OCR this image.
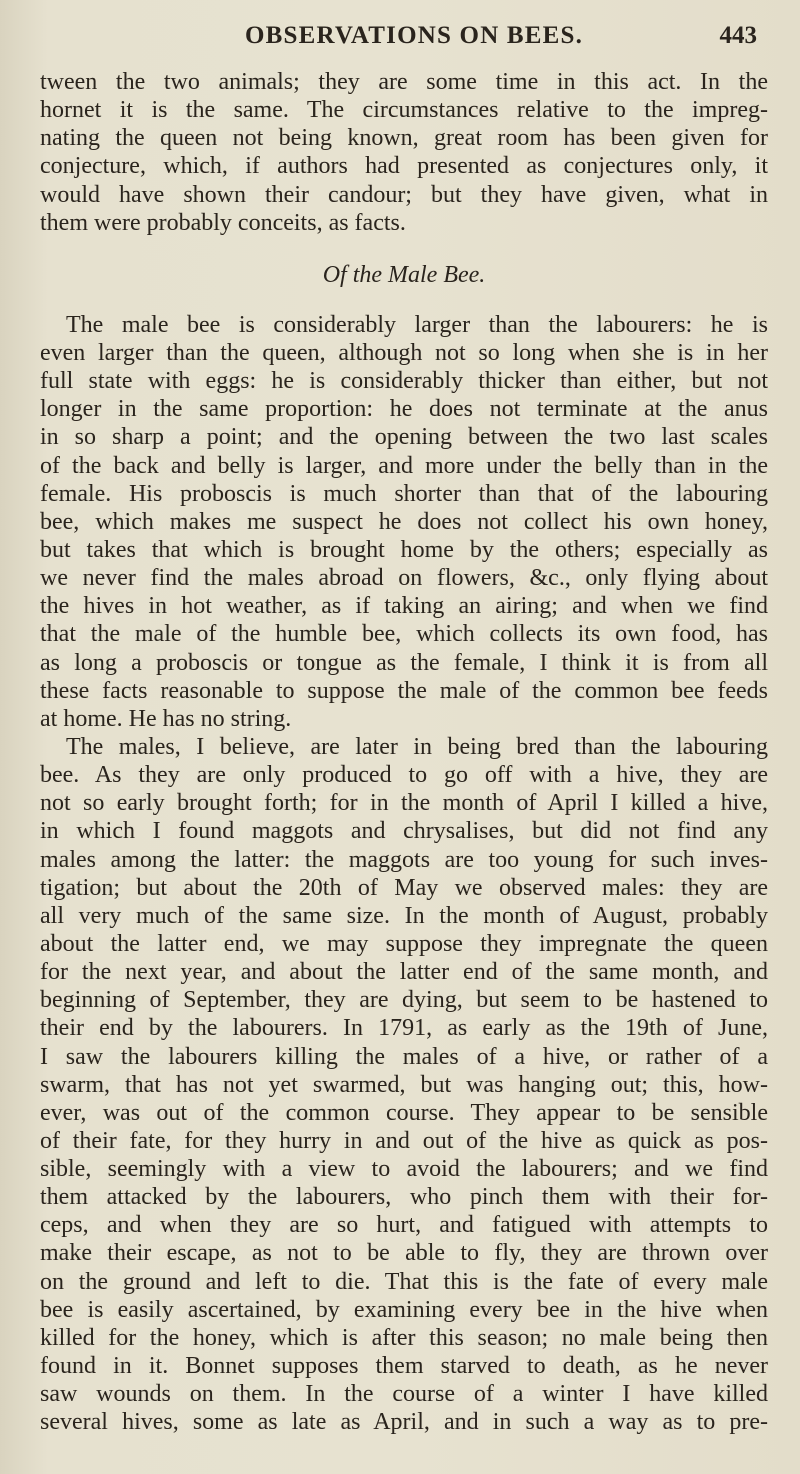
OBSERVATIONS ON BEES.	443
tween the two animals; they are some time in this act. In the
hornet it is the same. The circumstances relative to the impreg-
nating the queen not being known, great room has been given for
conjecture, which, if authors had presented as conjectures only, it
would have shown their candour; but they have given, what in
them were probably conceits, as facts.
Of the Male Bee.
The male bee is considerably larger than the labourers: he is
even larger than the queen, although not so long when she is in her
full state with eggs: he is considerably thicker than either, but not
longer in the same proportion: he does not terminate at the anus
in so sharp a point; and the opening between the two last scales
of the back and belly is larger, and more under the belly than in the
female. His proboscis is much shorter than that of the labouring
bee, which makes me suspect he does not collect his own honey,
but takes that which is brought home by the others; especially as
we never find the males abroad on flowers, &c., only flying about
the hives in hot weather, as if taking an airing; and when we find
that the male of the humble bee, which collects its own food, has
as long a proboscis or tongue as the female, I think it is from all
these facts reasonable to suppose the male of the common bee feeds
at home. He has no string.
The males, I believe, are later in being bred than the labouring
bee. As they are only produced to go off with a hive, they are
not so early brought forth; for in the month of April I killed a hive,
in which I found maggots and chrysalises, but did not find any
males among the latter: the maggots are too young for such inves-
tigation; but about the 20th of May we observed males: they are
all very much of the same size. In the month of August, probably
about the latter end, we may suppose they impregnate the queen
for the next year, and about the latter end of the same month, and
beginning of September, they are dying, but seem to be hastened to
their end by the labourers. In 1791, as early as the 19th of June,
I saw the labourers killing the males of a hive, or rather of a
swarm, that has not yet swarmed, but was hanging out; this, how-
ever, was out of the common course. They appear to be sensible
of their fate, for they hurry in and out of the hive as quick as pos-
sible, seemingly with a view to avoid the labourers; and we find
them attacked by the labourers, who pinch them with their for-
ceps, and when they are so hurt, and fatigued with attempts to
make their escape, as not to be able to fly, they are thrown over
on the ground and left to die. That this is the fate of every male
bee is easily ascertained, by examining every bee in the hive when
killed for the honey, which is after this season; no male being then
found in it. Bonnet supposes them starved to death, as he never
saw wounds on them. In the course of a winter I have killed
several hives, some as late as April, and in such a way as to pre-
